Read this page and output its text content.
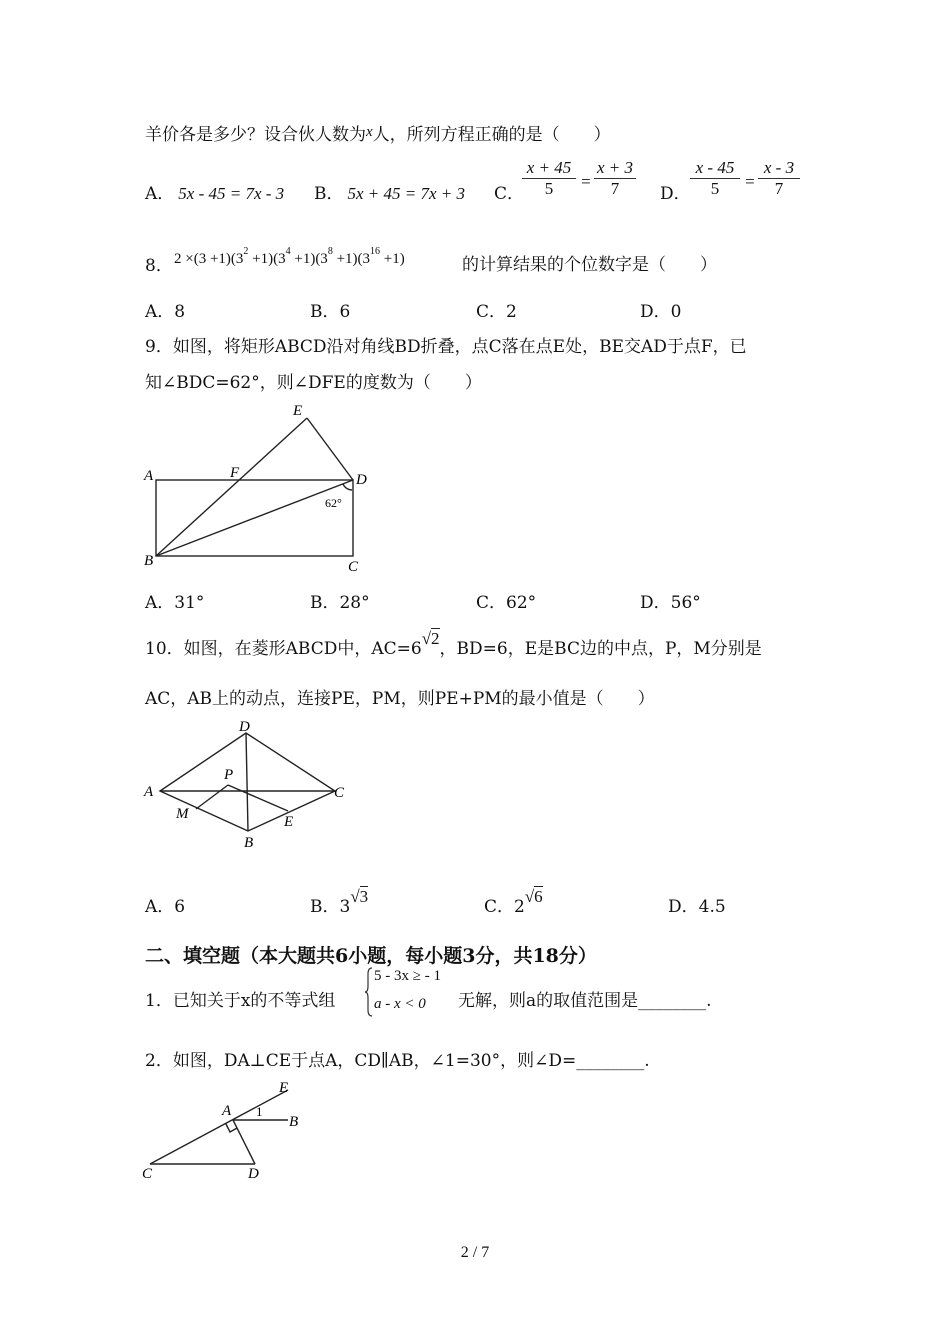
羊价各是多少？设合伙人数为x人，所列方程正确的是（　　）
A． 5x - 45 = 7x - 3 B． 5x + 45 = 7x + 3 C．
x + 45
5	=
x + 3
7	D．
x - 45
5	=
x - 3
7
8． $2 \times(3 +1)(3^2 +1)(3^4 +1)(3^8 +1)(3^{16} +1)$	的计算结果的个位数字是（　　）
A．8	B．6	C．2	D．0
9．如图，将矩形ABCD沿对角线BD折叠，点C落在点E处，BE交AD于点F，已
知∠BDC=62°，则∠DFE的度数为（　　）
E
A	F	D
62°
B	C
A．31°	B．28°	C．62°	D．56°
10．如图，在菱形ABCD中，AC=6√2，BD=6，E是BC边的中点，P，M分别是
AC，AB上的动点，连接PE，PM，则PE+PM的最小值是（　　）
D
A
P
C
M	E
B
A．6	B．3√3
C．2√6
D．4.5
二、填空题（本大题共6小题，每小题3分，共18分）
1．已知关于x的不等式组
5 - 3x ≥ - 1
a - x < 0 无解，则a的取值范围是________.
2．如图，DA⊥CE于点A，CD∥AB，∠1=30°，则∠D=________.
E
A 1
B
C	D
2 / 7
